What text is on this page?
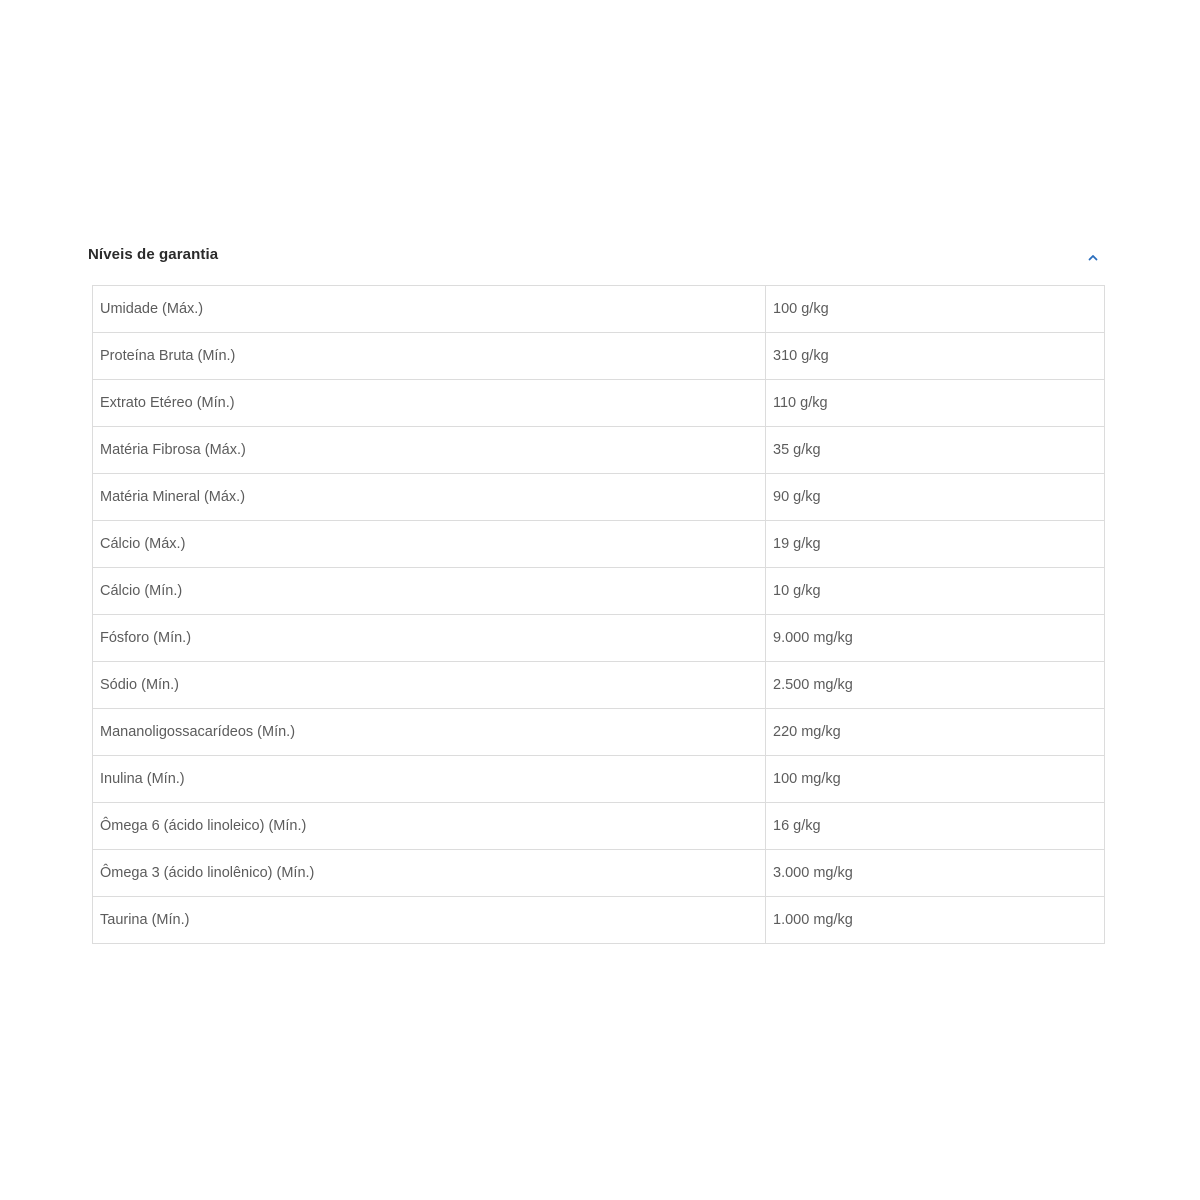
Níveis de garantia
Umidade (Máx.)	100 g/kg
Proteína Bruta (Mín.)	310 g/kg
Extrato Etéreo (Mín.)	110 g/kg
Matéria Fibrosa (Máx.)	35 g/kg
Matéria Mineral (Máx.)	90 g/kg
Cálcio (Máx.)	19 g/kg
Cálcio (Mín.)	10 g/kg
Fósforo (Mín.)	9.000 mg/kg
Sódio (Mín.)	2.500 mg/kg
Mananoligossacarídeos (Mín.)	220 mg/kg
Inulina (Mín.)	100 mg/kg
Ômega 6 (ácido linoleico) (Mín.)	16 g/kg
Ômega 3 (ácido linolênico) (Mín.)	3.000 mg/kg
Taurina (Mín.)	1.000 mg/kg
